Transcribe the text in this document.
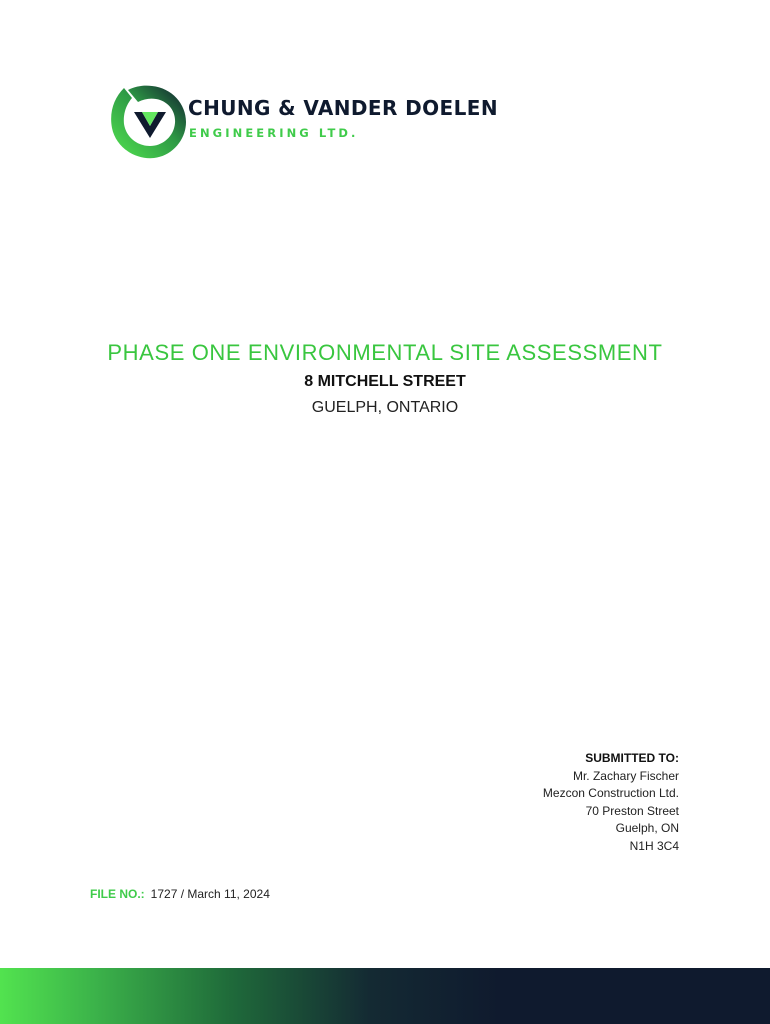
CHUNG & VANDER DOELEN
ENGINEERING LTD.
PHASE ONE ENVIRONMENTAL SITE ASSESSMENT
8 MITCHELL STREET
GUELPH, ONTARIO
SUBMITTED TO:
Mr. Zachary Fischer
Mezcon Construction Ltd.
70 Preston Street
Guelph, ON
N1H 3C4
FILE NO.: 1727 / March 11, 2024
